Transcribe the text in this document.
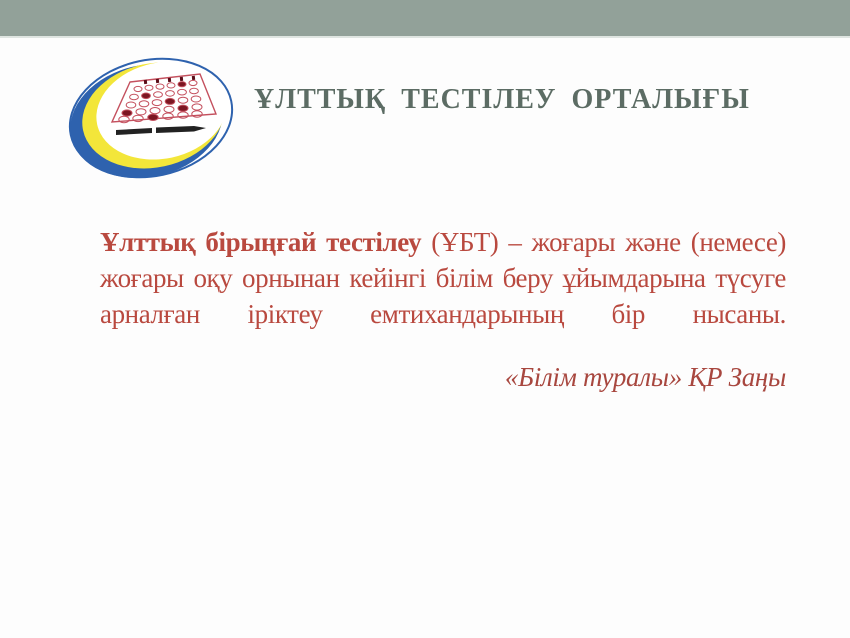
ҰЛТТЫҚ ТЕСТІЛЕУ ОРТАЛЫҒЫ
Ұлттық бірыңғай тестілеу (ҰБТ) – жоғары және (немесе)
жоғары оқу орнынан кейінгі білім беру ұйымдарына түсуге
арналған іріктеу емтихандарының бір нысаны.
«Білім туралы» ҚР Заңы
